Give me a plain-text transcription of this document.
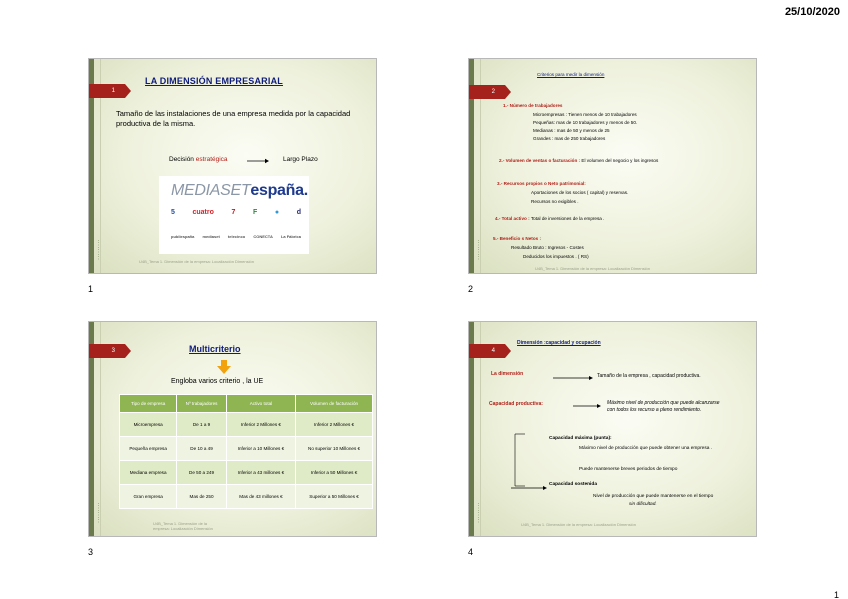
25/10/2020
⋮
⋮
⋮
1
LA DIMENSIÓN EMPRESARIAL
Tamaño de las instalaciones de una empresa medida por la capacidad productiva de la misma.
Decisión estratégica	Largo Plazo
MEDIASETespaña.
5	cuatro	7	F	●	d
publiespaña mediaset telecinco CONECTA La Fábrica
U4B_Tema 1. Dimensión de la empresa: Localización Dimensión
1
⋮
⋮
⋮
2
Criterios para medir la dimensión
1.- Número de trabajadores
Microempresas : Tienen menos de 10 trabajadores
Pequeñas: mas de 10 trabajadores y menos de 50.
Medianas : mas de 50 y menos de 25
Grandes : mas de 250 trabajadores
2.- Volumen de ventas o facturación : El volumen del negocio y los ingresos
3.- Recursos propios o Neto patrimonial:
Aportaciones de los socios ( capital) y reservas.
Recursos no exigibles .
4.- Total activo : Total de inversiones de la empresa .
5.- Beneficio s Netos :
Resultado Bruto : Ingresos - Costes
Deducidos los impuestos . ( RS)
U4B_Tema 1. Dimensión de la empresa: Localización Dimensión
2
⋮
⋮
⋮
3	Multicriterio
Engloba varios criterio , la UE
Tipo de empresa	Nº trabajadores	Activo total	Volumen de facturación
Microempresa	De 1 a 9	Inferior 2 Millones €	Inferior 2 Millones €
Pequeña empresa	De 10 a 49	Inferior a 10 Millones €	No superior 10 Millones €
Mediana empresa	De 50 a 249	Inferior a 43 millones €	Inferior a 50 Millones €
Gran empresa	Mas de 250	Mas de 43 millones €	Superior a 50 Millones €
U4B_Tema 1. Dimensión de la empresa: Localización Dimensión
3
⋮
⋮
⋮
4
Dimensión :capacidad y ocupación
La dimensión	Tamaño de la empresa , capacidad productiva.
Capacidad productiva:	Máximo nivel de producción que puede alcanzarse con todos los recurso a pleno rendimiento.
Capacidad máxima (punta):
Máximo nivel de producción que puede obtener una empresa .
Puede mantenerse breves periodos de tiempo
Capacidad sostenida
Nivel de producción que puede mantenerse en el tiempo
sin dificultad.
U4B_Tema 1. Dimensión de la empresa: Localización Dimensión
4
1
